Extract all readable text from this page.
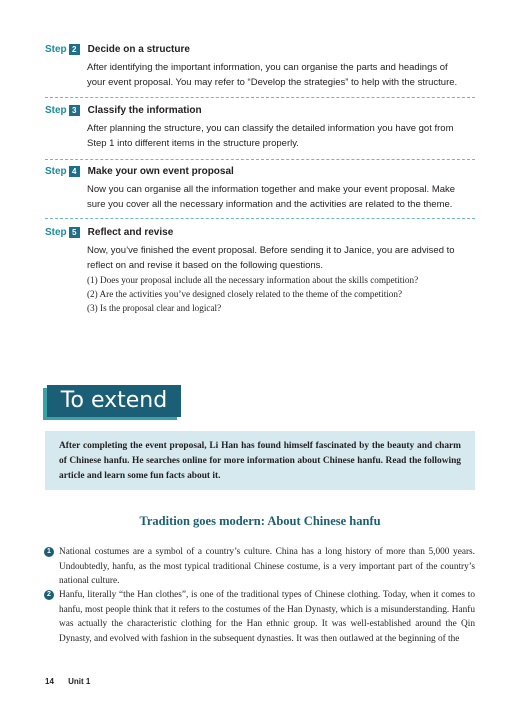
Step 2	Decide on a structure

After identifying the important information, you can organise the parts and headings of

your event proposal. You may refer to “Develop the strategies” to help with the structure.

Step 3	Classify the information

After planning the structure, you can classify the detailed information you have got from

Step 1 into different items in the structure properly.

Step 4	Make your own event proposal

Now you can organise all the information together and make your event proposal. Make

sure you cover all the necessary information and the activities are related to the theme.

Step 5	Reflect and revise

Now, you’ve finished the event proposal. Before sending it to Janice, you are advised to

reflect on and revise it based on the following questions.

(1) Does your proposal include all the necessary information about the skills competition?

(2) Are the activities you’ve designed closely related to the theme of the competition?

(3) Is the proposal clear and logical?

To extend
After completing the event proposal, Li Han has found himself fascinated by the beauty and charm of Chinese hanfu. He searches online for more information about Chinese hanfu. Read the following article and learn some fun facts about it.
Tradition goes modern: About Chinese hanfu
1 National costumes are a symbol of a country’s culture. China has a long history of more than 5,000 years. Undoubtedly, hanfu, as the most typical traditional Chinese costume, is a very important part of the country’s national culture.
2 Hanfu, literally “the Han clothes”, is one of the traditional types of Chinese clothing. Today, when it comes to hanfu, most people think that it refers to the costumes of the Han Dynasty, which is a misunderstanding. Hanfu was actually the characteristic clothing for the Han ethnic group. It was well-established around the Qin Dynasty, and evolved with fashion in the subsequent dynasties. It was then outlawed at the beginning of the
14 Unit 1
